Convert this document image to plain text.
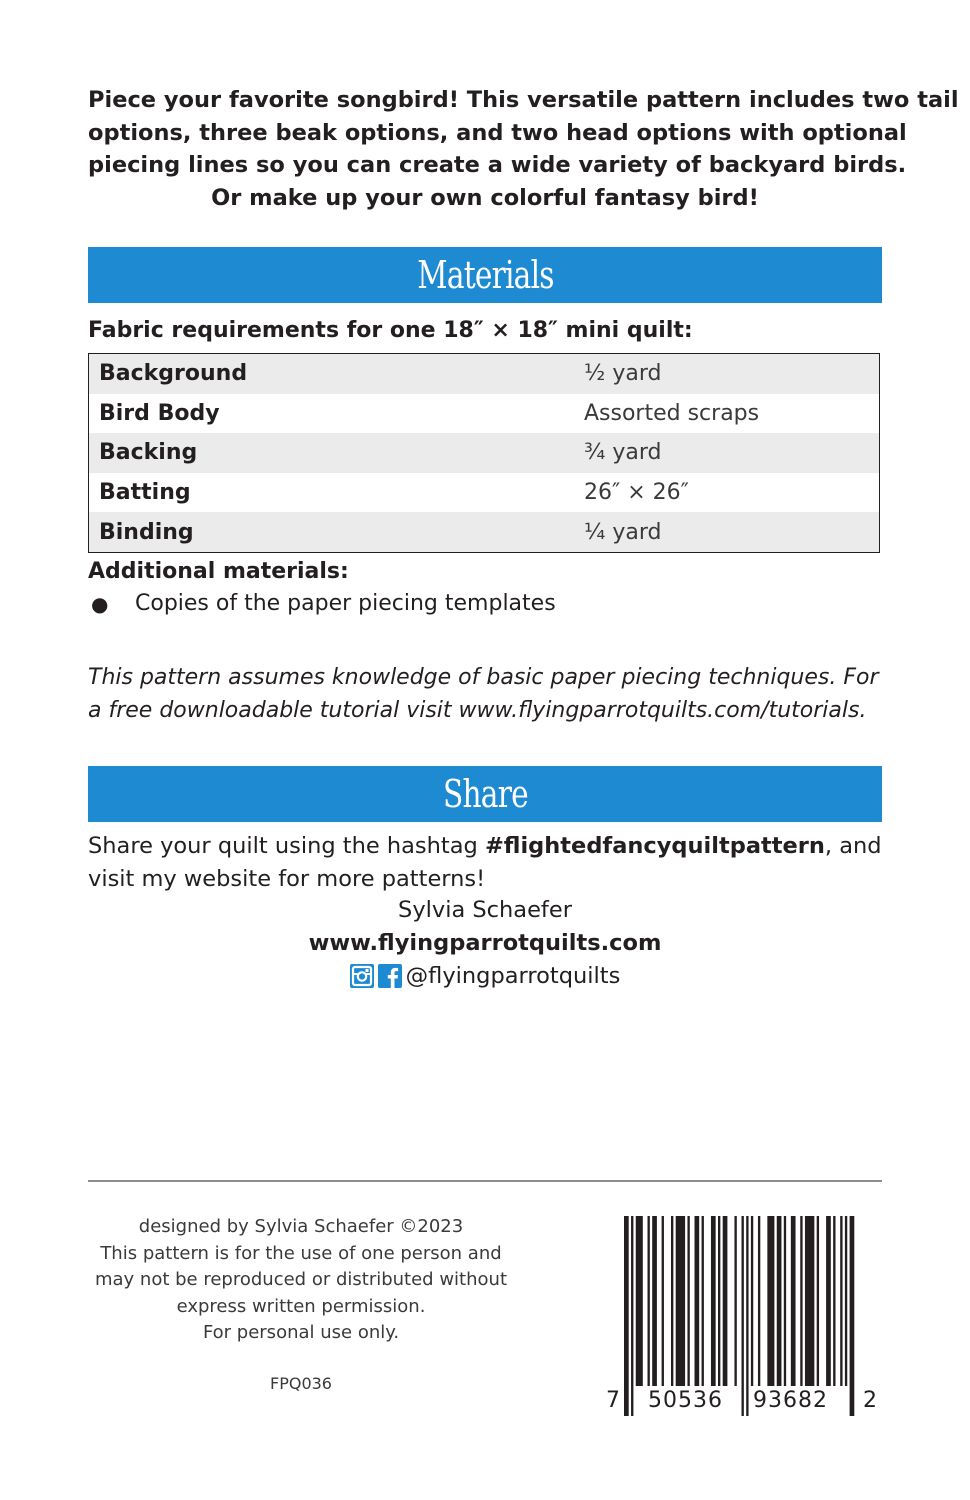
Piece your favorite songbird! This versatile pattern includes two tail
options, three beak options, and two head options with optional
piecing lines so you can create a wide variety of backyard birds.
Or make up your own colorful fantasy bird!
Materials
Fabric requirements for one 18″ × 18″ mini quilt:
Background	½ yard
Bird Body	Assorted scraps
Backing	¾ yard
Batting	26″ × 26″
Binding	¼ yard
Additional materials:
●	Copies of the paper piecing templates
This pattern assumes knowledge of basic paper piecing techniques. For
a free downloadable tutorial visit www.flyingparrotquilts.com/tutorials.
Share
Share your quilt using the hashtag #flightedfancyquiltpattern, and
visit my website for more patterns!
Sylvia Schaefer
www.flyingparrotquilts.com
@flyingparrotquilts
designed by Sylvia Schaefer ©2023
This pattern is for the use of one person and
may not be reproduced or distributed without
express written permission.
For personal use only.
FPQ036
7 50536 93682 2
